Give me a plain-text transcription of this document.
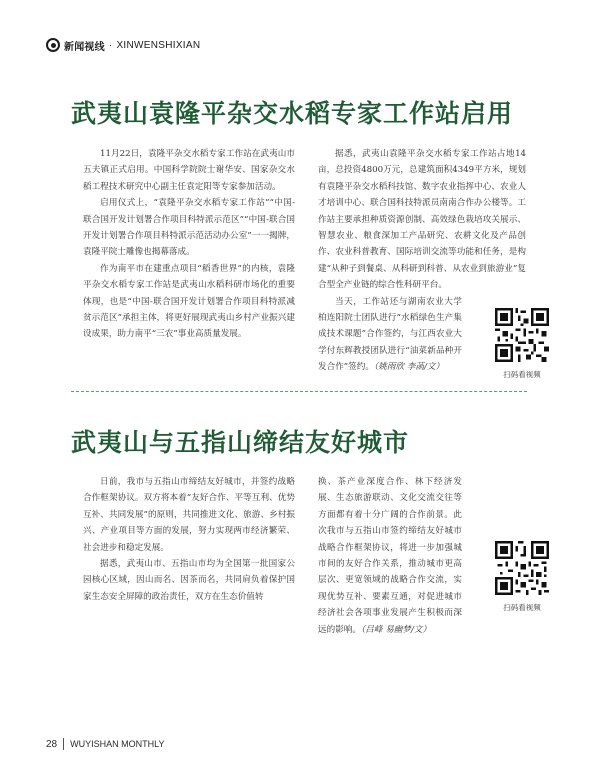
新闻视线 · XINWENSHIXIAN
武夷山袁隆平杂交水稻专家工作站启用

11月22日，袁隆平杂交水稻专家工作站在武夷山市五夫镇正式启用。中国科学院院士谢华安、国家杂交水稻工程技术研究中心副主任袁定阳等专家参加活动。

启用仪式上，“袁隆平杂交水稻专家工作站”“中国-联合国开发计划署合作项目科特派示范区”“中国-联合国开发计划署合作项目科特派示范活动办公室”一一揭牌，袁隆平院士雕像也揭幕落成。

作为南平市在建重点项目“稻香世界”的内核，袁隆平杂交水稻专家工作站是武夷山水稻科研市场化的重要体现，也是“中国-联合国开发计划署合作项目科特派减贫示范区”承担主体，将更好展现武夷山乡村产业振兴建设成果，助力南平“三农”事业高质量发展。

据悉，武夷山袁隆平杂交水稻专家工作站占地14亩，总投资4800万元，总建筑面积4349平方米，规划有袁隆平杂交水稻科技馆、数字农业指挥中心、农业人才培训中心、联合国科技特派员南南合作办公楼等。工作站主要承担种质资源创制、高效绿色栽培攻关展示、智慧农业、粮食深加工产品研究、农耕文化及产品创作、农业科普教育、国际培训交流等功能和任务，是构建“从种子到餐桌、从科研到科普、从农业到旅游业”复合型全产业链的综合性科研平台。

当天，工作站还与湖南农业大学柏连阳院士团队进行“水稻绿色生产集成技术课题”合作签约，与江西农业大学付东辉教授团队进行“油菜新品种开发合作”签约。（姚雨欣 李菡/文）

扫码看视频
武夷山与五指山缔结友好城市

日前，我市与五指山市缔结友好城市，并签约战略合作框架协议。双方将本着“友好合作、平等互利、优势互补、共同发展”的原则，共同推进文化、旅游、乡村振兴、产业项目等方面的发展，努力实现两市经济繁荣、社会进步和稳定发展。

据悉，武夷山市、五指山市均为全国第一批国家公园核心区域，因山而名、因茶而名，共同肩负着保护国家生态安全屏障的政治责任，双方在生态价值转

换、茶产业深度合作、林下经济发展、生态旅游联动、文化交流交往等方面都有着十分广阔的合作前景。此次我市与五指山市签约缔结友好城市战略合作框架协议，将进一步加强城市间的友好合作关系，推动城市更高层次、更宽领域的战略合作交流，实现优势互补、要素互通，对促进城市经济社会各项事业发展产生积极而深远的影响。（吕峰 易幽梦/文）

扫码看视频
28 WUYISHAN MONTHLY
